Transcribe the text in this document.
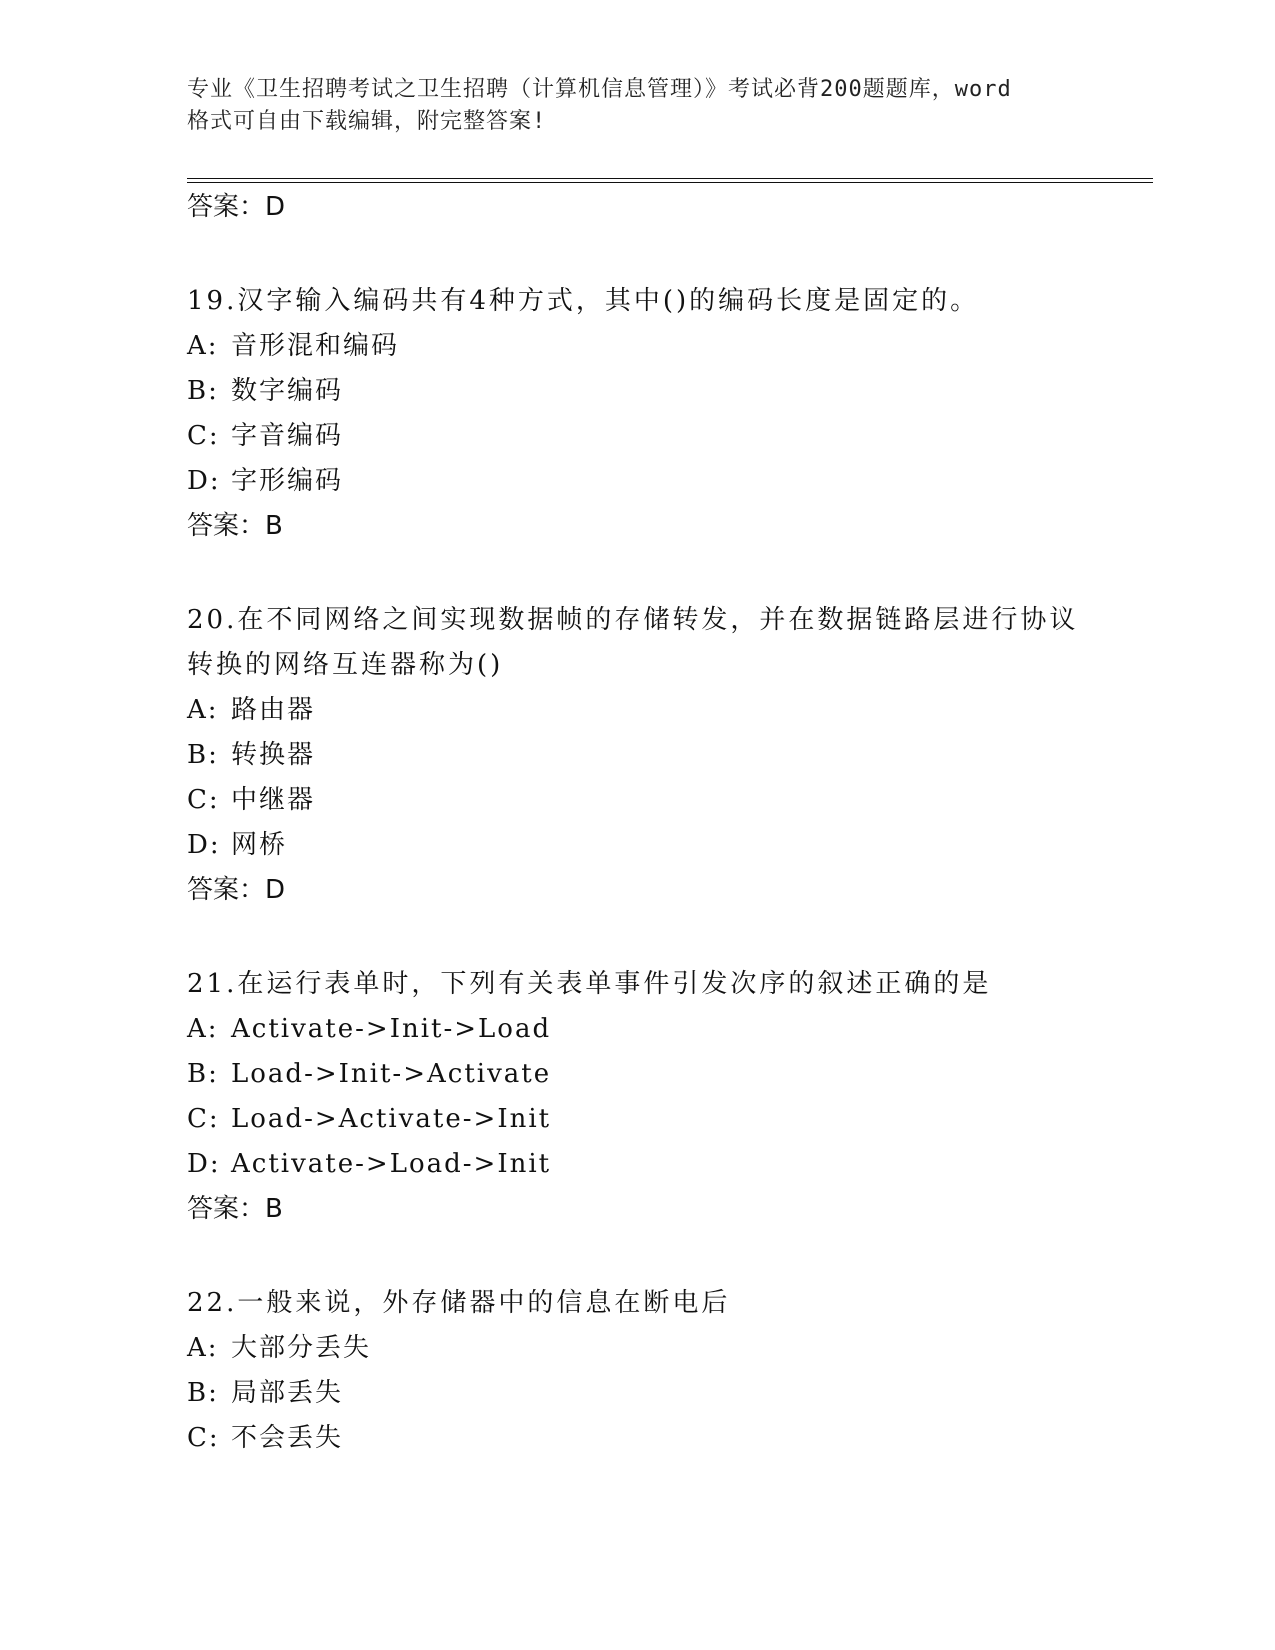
专业《卫生招聘考试之卫生招聘（计算机信息管理）》考试必背200题题库，word
格式可自由下载编辑，附完整答案!
答案：D

19.汉字输入编码共有4种方式，其中()的编码长度是固定的。

A: 音形混和编码
B: 数字编码
C: 字音编码
D: 字形编码
答案：B

20.在不同网络之间实现数据帧的存储转发，并在数据链路层进行协议转换的网络互连器称为()

A: 路由器
B: 转换器
C: 中继器
D: 网桥
答案：D

21.在运行表单时，下列有关表单事件引发次序的叙述正确的是

A: Activate->Init->Load
B: Load->Init->Activate
C: Load->Activate->Init
D: Activate->Load->Init
答案：B

22.一般来说，外存储器中的信息在断电后

A: 大部分丢失
B: 局部丢失
C: 不会丢失
